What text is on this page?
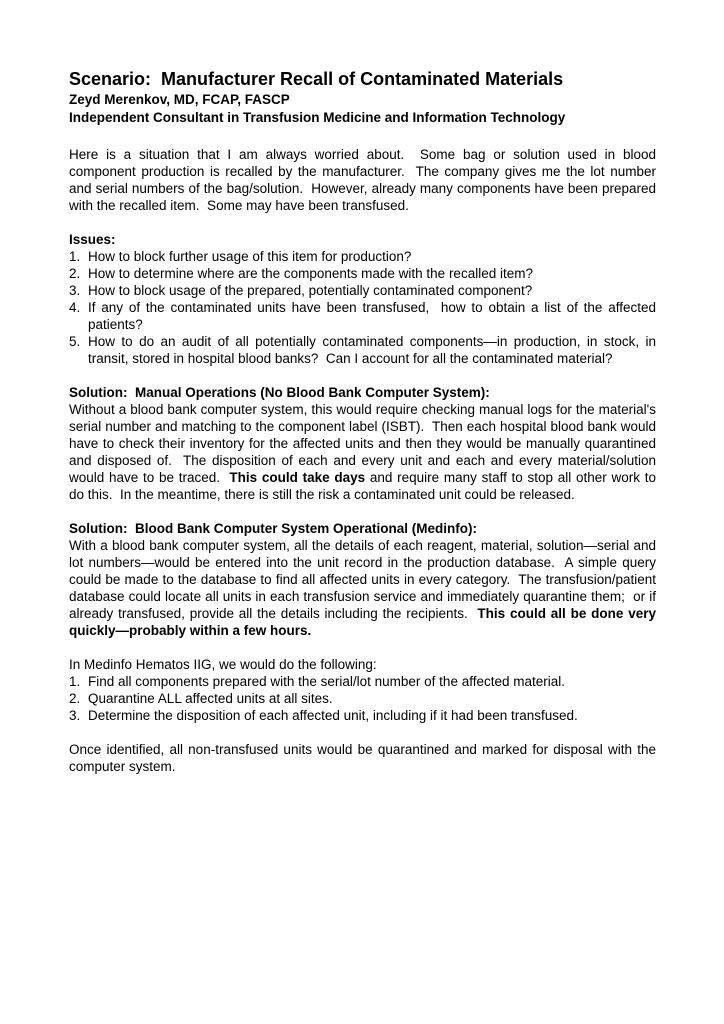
Scenario:  Manufacturer Recall of Contaminated Materials

Zeyd Merenkov, MD, FCAP, FASCP

Independent Consultant in Transfusion Medicine and Information Technology

Here is a situation that I am always worried about.  Some bag or solution used in blood component production is recalled by the manufacturer.  The company gives me the lot number and serial numbers of the bag/solution.  However, already many components have been prepared with the recalled item.  Some may have been transfused.

Issues:

1. How to block further usage of this item for production?
2. How to determine where are the components made with the recalled item?
3. How to block usage of the prepared, potentially contaminated component?
4. If any of the contaminated units have been transfused,  how to obtain a list of the affected patients?
5. How to do an audit of all potentially contaminated components—in production, in stock, in transit, stored in hospital blood banks?  Can I account for all the contaminated material?

Solution:  Manual Operations (No Blood Bank Computer System):

Without a blood bank computer system, this would require checking manual logs for the material's serial number and matching to the component label (ISBT).  Then each hospital blood bank would have to check their inventory for the affected units and then they would be manually quarantined and disposed of.  The disposition of each and every unit and each and every material/solution would have to be traced.  This could take days and require many staff to stop all other work to do this.  In the meantime, there is still the risk a contaminated unit could be released.

Solution:  Blood Bank Computer System Operational (Medinfo):

With a blood bank computer system, all the details of each reagent, material, solution—serial and lot numbers—would be entered into the unit record in the production database.  A simple query could be made to the database to find all affected units in every category.  The transfusion/patient database could locate all units in each transfusion service and immediately quarantine them;  or if already transfused, provide all the details including the recipients.  This could all be done very quickly—probably within a few hours.

In Medinfo Hematos IIG, we would do the following:

1. Find all components prepared with the serial/lot number of the affected material.
2. Quarantine ALL affected units at all sites.
3. Determine the disposition of each affected unit, including if it had been transfused.

Once identified, all non-transfused units would be quarantined and marked for disposal with the computer system.
